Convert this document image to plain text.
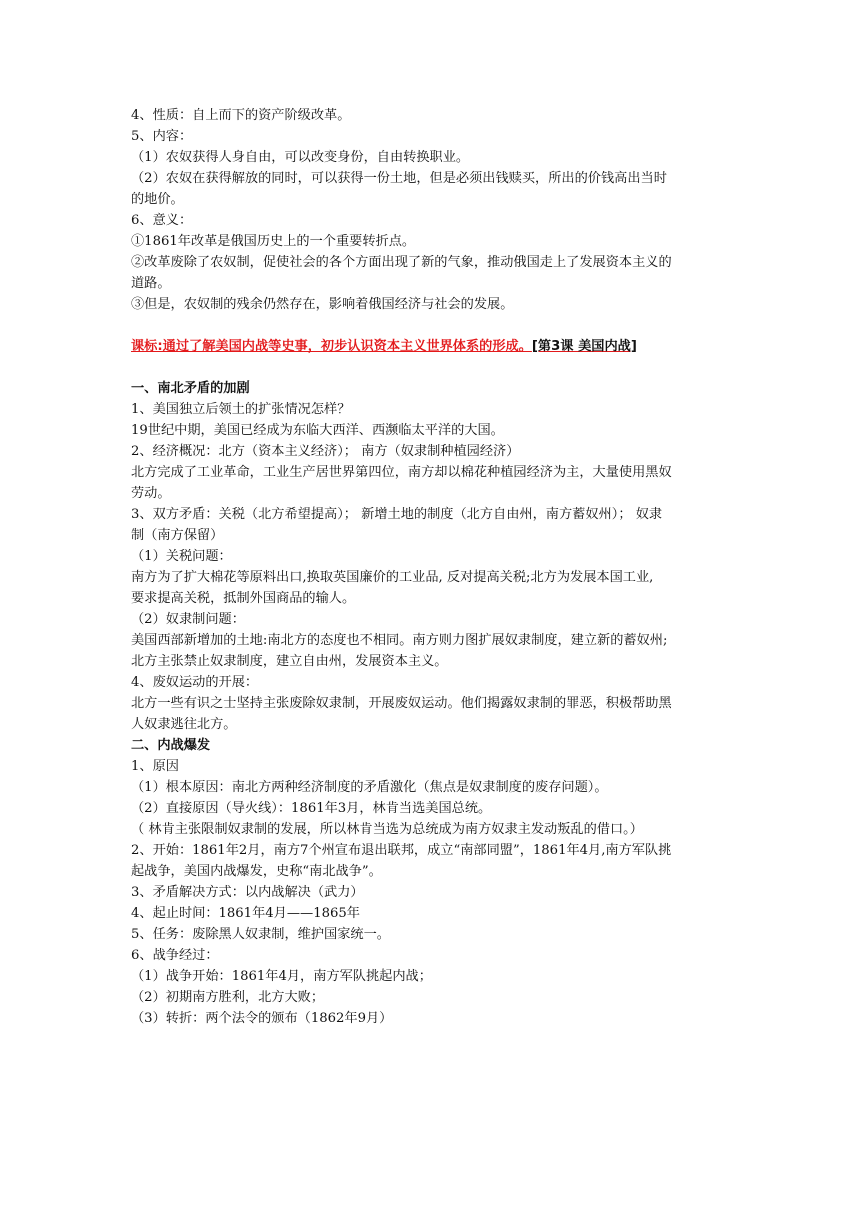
4、性质：自上而下的资产阶级改革。
5、内容：
（1）农奴获得人身自由，可以改变身份，自由转换职业。
（2）农奴在获得解放的同时，可以获得一份土地，但是必须出钱赎买，所出的价钱高出当时
的地价。
6、意义：
①1861年改革是俄国历史上的一个重要转折点。
②改革废除了农奴制，促使社会的各个方面出现了新的气象，推动俄国走上了发展资本主义的
道路。
③但是，农奴制的残余仍然存在，影响着俄国经济与社会的发展。
课标:通过了解美国内战等史事，初步认识资本主义世界体系的形成。[第3课 美国内战]
一、南北矛盾的加剧
1、美国独立后领土的扩张情况怎样？
19世纪中期，美国已经成为东临大西洋、西濒临太平洋的大国。
2、经济概况：北方（资本主义经济）； 南方（奴隶制种植园经济）
北方完成了工业革命，工业生产居世界第四位，南方却以棉花种植园经济为主，大量使用黑奴
劳动。
3、双方矛盾：关税（北方希望提高）； 新增土地的制度（北方自由州，南方蓄奴州）； 奴隶
制（南方保留）
（1）关税问题：
南方为了扩大棉花等原料出口,换取英国廉价的工业品, 反对提高关税;北方为发展本国工业,
要求提高关税，抵制外国商品的输人。
（2）奴隶制问题：
美国西部新增加的土地:南北方的态度也不相同。南方则力图扩展奴隶制度，建立新的蓄奴州;
北方主张禁止奴隶制度，建立自由州，发展资本主义。
4、废奴运动的开展：
北方一些有识之士坚持主张废除奴隶制，开展废奴运动。他们揭露奴隶制的罪恶，积极帮助黑
人奴隶逃往北方。
二、内战爆发
1、原因
（1）根本原因：南北方两种经济制度的矛盾激化（焦点是奴隶制度的废存问题）。
（2）直接原因（导火线）：1861年3月，林肯当选美国总统。
（ 林肯主张限制奴隶制的发展，所以林肯当选为总统成为南方奴隶主发动叛乱的借口。）
2、开始：1861年2月，南方7个州宣布退出联邦，成立“南部同盟”，1861年4月,南方军队挑
起战争，美国内战爆发，史称“南北战争”。
3、矛盾解决方式：以内战解决（武力）
4、起止时间：1861年4月——1865年
5、任务：废除黑人奴隶制，维护国家统一。
6、战争经过：
（1）战争开始：1861年4月，南方军队挑起内战；
（2）初期南方胜利，北方大败；
（3）转折：两个法令的颁布（1862年9月）
